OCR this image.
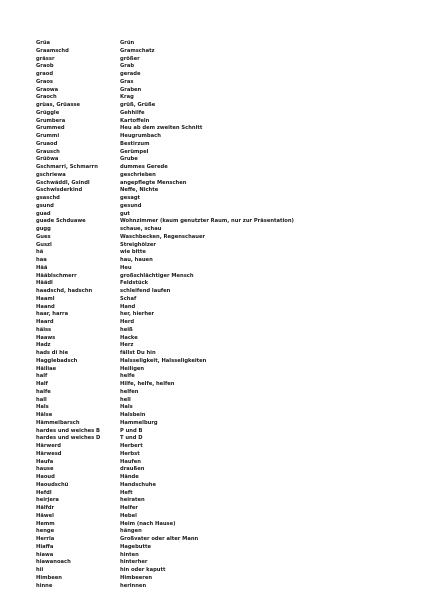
Grüa	Grün
Graamschd	Gramschatz
grässr	größer
Graob	Grab
graod	gerade
Graos	Gras
Graowa	Graben
Graoch	Krag
grüas, Grüasse	grüß, Grüße
Grüggle	Gehhilfe
Grumbera	Kartoffeln
Grummed	Heu ab dem zweiten Schnitt
Grummi	Heugrumbach
Gruaod	Bestirzum
Grausch	Gerümpel
Grüöwa	Grube
Gschmarri, Schmarrn	dummes Gerede
gschriewa	geschrieben
Gschwäddl, Gsindl	angepflegte Menschen
Gschwisderkind	Neffe, Nichte
gsaschd	gesagt
gsund	gesund
guad	gut
guade Schduawe	Wohnzimmer (kaum genutzter Raum, nur zur Präsentation)
gugg	schaue, schau
Gues	Waschbecken, Regenschauer
Guszl	Streighölzer
hä	wie bitte
haa	hau, hauen
Hää	Heu
Hääblschmerr	großschlächtiger Mensch
Häädl	Feldstück
haadschd, hadschn	schleifend laufen
Haaml	Schaf
Haand	Hand
haar, harra	her, hierher
Haard	Herd
häiss	heiß
Haaws	Hacke
Hadz	Herz
hads di hie	fällst Du hin
Hagglebadsch	Halsseligkeit, Halsseligkeiten
Häiliae	Heiligen
half	helfe
Half	Hilfe, helfe, helfen
halfe	helfen
hall	hell
Hals	Hals
Hälse	Halsbein
Hämmelbarsch	Hammelburg
hardes und weiches B	P und B
hardes und weiches D	T und D
Härwerd	Herbert
Härwesd	Herbst
Haufa	Haufen
hause	draußen
Haoud	Hände
Haoudschü	Handschuhe
Hefdl	Heft
heirjera	heiraten
Hälfdr	Helfer
Häwel	Hebel
Hemm	Heim (nach Hause)
henge	hängen
Herrla	Großvater oder alter Mann
Hiaffa	Hagebutte
hiawa	hinten
hiawanoach	hinterher
hii	hin oder kaputt
Himbeen	Himbeeren
hinne	herinnen
